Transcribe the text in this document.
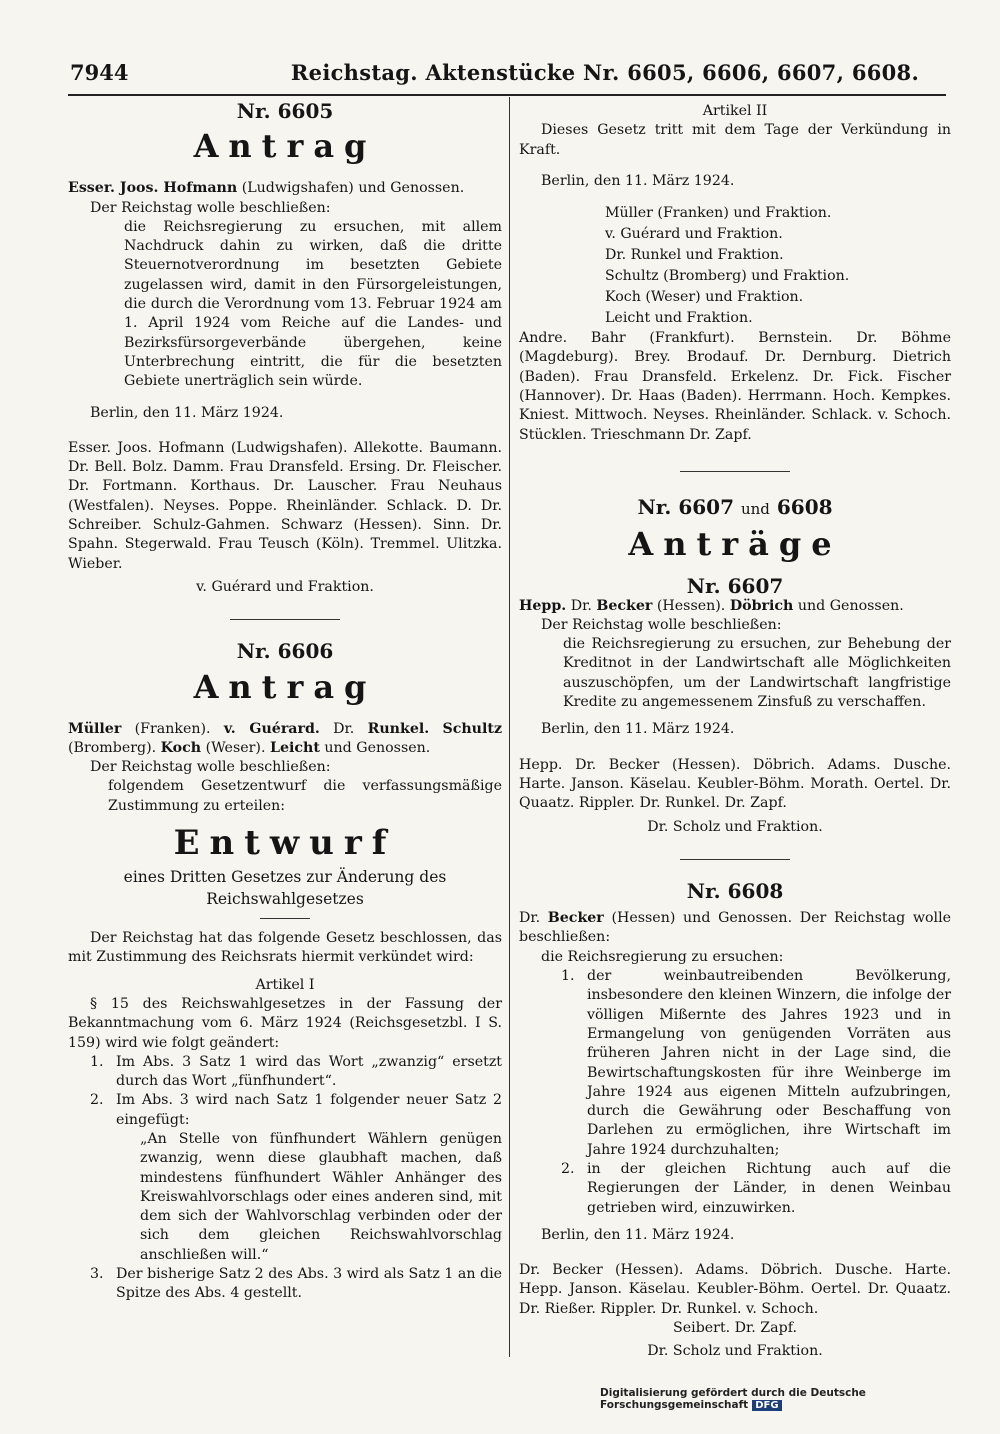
7944	Reichstag. Aktenstücke Nr. 6605, 6606, 6607, 6608.
Nr. 6605
Antrag

Esser. Joos. Hofmann (Ludwigshafen) und Genossen.

Der Reichstag wolle beschließen:

die Reichsregierung zu ersuchen, mit allem Nachdruck dahin zu wirken, daß die dritte Steuernotverordnung im besetzten Gebiete zugelassen wird, damit in den Fürsorgeleistungen, die durch die Verordnung vom 13. Februar 1924 am 1. April 1924 vom Reiche auf die Landes- und Bezirksfürsorgeverbände übergehen, keine Unterbrechung eintritt, die für die besetzten Gebiete unerträglich sein würde.

Berlin, den 11. März 1924.

Esser. Joos. Hofmann (Ludwigshafen). Allekotte. Baumann. Dr. Bell. Bolz. Damm. Frau Dransfeld. Ersing. Dr. Fleischer. Dr. Fortmann. Korthaus. Dr. Lauscher. Frau Neuhaus (Westfalen). Neyses. Poppe. Rheinländer. Schlack. D. Dr. Schreiber. Schulz-Gahmen. Schwarz (Hessen). Sinn. Dr. Spahn. Stegerwald. Frau Teusch (Köln). Tremmel. Ulitzka. Wieber.

v. Guérard und Fraktion.

Nr. 6606
Antrag

Müller (Franken). v. Guérard. Dr. Runkel. Schultz (Bromberg). Koch (Weser). Leicht und Genossen.

Der Reichstag wolle beschließen:

folgendem Gesetzentwurf die verfassungsmäßige Zustimmung zu erteilen:

Entwurf

eines Dritten Gesetzes zur Änderung des Reichswahlgesetzes

Der Reichstag hat das folgende Gesetz beschlossen, das mit Zustimmung des Reichsrats hiermit verkündet wird:

Artikel I

§ 15 des Reichswahlgesetzes in der Fassung der Bekanntmachung vom 6. März 1924 (Reichsgesetzbl. I S. 159) wird wie folgt geändert:

1. Im Abs. 3 Satz 1 wird das Wort „zwanzig“ ersetzt durch das Wort „fünfhundert“.
2. Im Abs. 3 wird nach Satz 1 folgender neuer Satz 2 eingefügt:

„An Stelle von fünfhundert Wählern genügen zwanzig, wenn diese glaubhaft machen, daß mindestens fünfhundert Wähler Anhänger des Kreiswahlvorschlags oder eines anderen sind, mit dem sich der Wahlvorschlag verbinden oder der sich dem gleichen Reichswahlvorschlag anschließen will.“

3. Der bisherige Satz 2 des Abs. 3 wird als Satz 1 an die Spitze des Abs. 4 gestellt.

Artikel II

Dieses Gesetz tritt mit dem Tage der Verkündung in Kraft.

Berlin, den 11. März 1924.

Müller (Franken) und Fraktion.
v. Guérard und Fraktion.
Dr. Runkel und Fraktion.
Schultz (Bromberg) und Fraktion.
Koch (Weser) und Fraktion.
Leicht und Fraktion.

Andre. Bahr (Frankfurt). Bernstein. Dr. Böhme (Magdeburg). Brey. Brodauf. Dr. Dernburg. Dietrich (Baden). Frau Dransfeld. Erkelenz. Dr. Fick. Fischer (Hannover). Dr. Haas (Baden). Herrmann. Hoch. Kempkes. Kniest. Mittwoch. Neyses. Rheinländer. Schlack. v. Schoch. Stücklen. Trieschmann Dr. Zapf.

Nr. 6607 und 6608
Anträge
Nr. 6607

Hepp. Dr. Becker (Hessen). Döbrich und Genossen.

Der Reichstag wolle beschließen:

die Reichsregierung zu ersuchen, zur Behebung der Kreditnot in der Landwirtschaft alle Möglichkeiten auszuschöpfen, um der Landwirtschaft langfristige Kredite zu angemessenem Zinsfuß zu verschaffen.

Berlin, den 11. März 1924.

Hepp. Dr. Becker (Hessen). Döbrich. Adams. Dusche. Harte. Janson. Käselau. Keubler-Böhm. Morath. Oertel. Dr. Quaatz. Rippler. Dr. Runkel. Dr. Zapf.

Dr. Scholz und Fraktion.

Nr. 6608

Dr. Becker (Hessen) und Genossen. Der Reichstag wolle beschließen:

die Reichsregierung zu ersuchen:

1. der weinbautreibenden Bevölkerung, insbesondere den kleinen Winzern, die infolge der völligen Mißernte des Jahres 1923 und in Ermangelung von genügenden Vorräten aus früheren Jahren nicht in der Lage sind, die Bewirtschaftungskosten für ihre Weinberge im Jahre 1924 aus eigenen Mitteln aufzubringen, durch die Gewährung oder Beschaffung von Darlehen zu ermöglichen, ihre Wirtschaft im Jahre 1924 durchzuhalten;
2. in der gleichen Richtung auch auf die Regierungen der Länder, in denen Weinbau getrieben wird, einzuwirken.

Berlin, den 11. März 1924.

Dr. Becker (Hessen). Adams. Döbrich. Dusche. Harte. Hepp. Janson. Käselau. Keubler-Böhm. Oertel. Dr. Quaatz. Dr. Rießer. Rippler. Dr. Runkel. v. Schoch.

Seibert. Dr. Zapf.

Dr. Scholz und Fraktion.

Digitalisierung gefördert durch die Deutsche Forschungsgemeinschaft DFG
